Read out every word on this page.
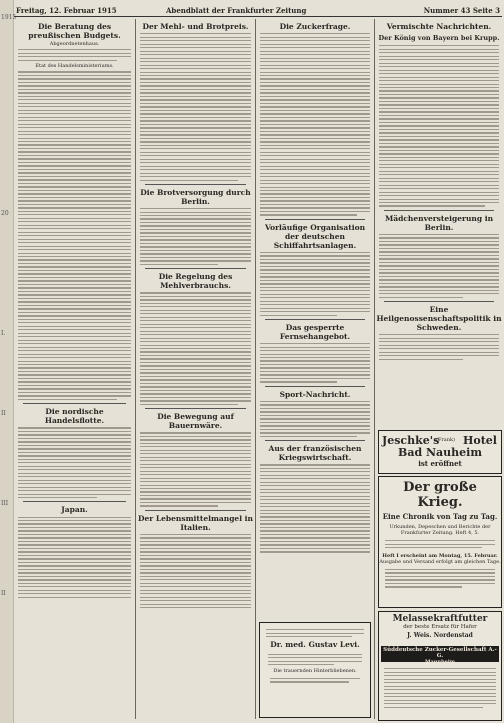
1915
20
I.
II
III
II
Freitag, 12. Februar 1915	Abendblatt der Frankfurter Zeitung	Nummer 43 Seite 3
Die Beratung des preußischen Budgets.
Abgeordnetenhaus.
Etat des Handelsministeriums.
Die nordische Handelsflotte.
Japan.
Der Mehl- und Brotpreis.
Die Brotversorgung durch Berlin.
Die Regelung des Mehlverbrauchs.
Die Bewegung auf Bauernwäre.
Der Lebensmittelmangel in Italien.
Die Zuckerfrage.
Vorläufige Organisation der deutschen Schiffahrtsanlagen.
Das gesperrte Fernsehangebot.
Sport-Nachricht.
Aus der französischen Kriegswirtschaft.
Dr. med. Gustav Levi.
Die trauernden Hinterbliebenen.
Vermischte Nachrichten.
Der König von Bayern bei Krupp.
Mädchenversteigerung in Berlin.
Eine Heilgenossenschaftspolitik in Schweden.
Jeschke's
(Frank) Hotel
Bad Nauheim
ist eröffnet
Der große Krieg.
Eine Chronik von Tag zu Tag.
Urkunden, Depeschen und Berichte der
Frankfurter Zeitung. Heft 4, 5.
Heft I erscheint am Montag, 15. Februar.
Ausgabe und Versand erfolgt am gleichen Tage.
Melassekraftfutter
der beste Ersatz für Hafer
J. Weis. Nordenstad
Süddeutsche Zucker-Gesellschaft A.-G.
Mannheim
